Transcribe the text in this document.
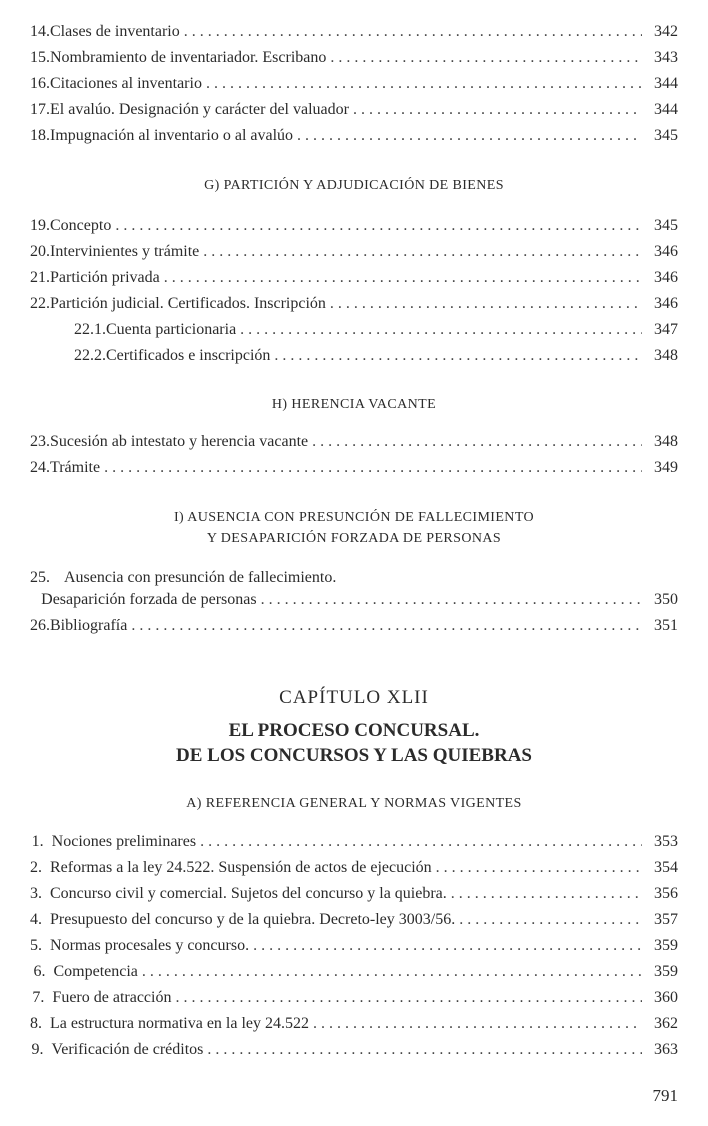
14. Clases de inventario . . .	342
15. Nombramiento de inventariador. Escribano . . .	343
16. Citaciones al inventario . . .	344
17. El avalúo. Designación y carácter del valuador . . .	344
18. Impugnación al inventario o al avalúo . . .	345
G) PARTICIÓN Y ADJUDICACIÓN DE BIENES
19. Concepto . . .	345
20. Intervinientes y trámite . . .	346
21. Partición privada . . .	346
22. Partición judicial. Certificados. Inscripción . . .	346
22.1. Cuenta particionaria . . .	347
22.2. Certificados e inscripción . . .	348
H) HERENCIA VACANTE
23. Sucesión ab intestato y herencia vacante . . .	348
24. Trámite . . .	349
I) AUSENCIA CON PRESUNCIÓN DE FALLECIMIENTO
Y DESAPARICIÓN FORZADA DE PERSONAS
25. Ausencia con presunción de fallecimiento.
Desaparición forzada de personas . . .	350
26. Bibliografía . . .	351
CAPÍTULO XLII
EL PROCESO CONCURSAL.
DE LOS CONCURSOS Y LAS QUIEBRAS
A) REFERENCIA GENERAL Y NORMAS VIGENTES
1. Nociones preliminares . . .	353
2. Reformas a la ley 24.522. Suspensión de actos de ejecución . . .	354
3. Concurso civil y comercial. Sujetos del concurso y la quiebra. . . .	356
4. Presupuesto del concurso y de la quiebra. Decreto-ley 3003/56. . . .	357
5. Normas procesales y concurso. . . .	359
6. Competencia . . .	359
7. Fuero de atracción . . .	360
8. La estructura normativa en la ley 24.522 . . .	362
9. Verificación de créditos . . .	363
791
